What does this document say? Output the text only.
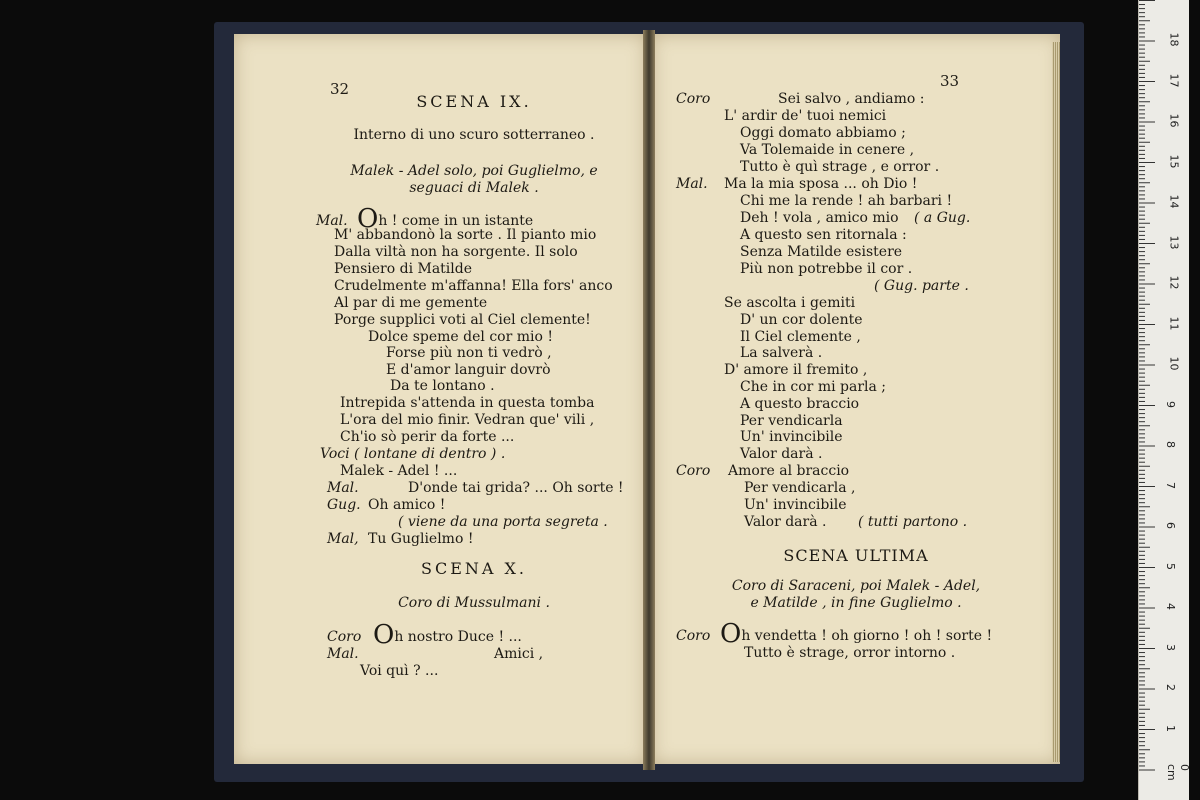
32
SCENA IX.
Interno di uno scuro sotterraneo .
Malek - Adel solo, poi Guglielmo, e
seguaci di Malek .
Mal. Oh ! come in un istante
M' abbandonò la sorte . Il pianto mio
Dalla viltà non ha sorgente. Il solo
Pensiero di Matilde
Crudelmente m'affanna! Ella fors' anco
Al par di me gemente
Porge supplici voti al Ciel clemente!
Dolce speme del cor mio !
Forse più non ti vedrò ,
E d'amor languir dovrò
Da te lontano .
Intrepida s'attenda in questa tomba
L'ora del mio finir. Vedran que' vili ,
Ch'io sò perir da forte ...
Voci ( lontane di dentro ) .
Malek - Adel ! ...
Mal.	D'onde tai grida? ... Oh sorte !
Gug. Oh amico !
( viene da una porta segreta .
Mal, Tu Guglielmo !
SCENA X.
Coro di Mussulmani .
Coro Oh nostro Duce ! ...
Mal.	Amici ,
Voi quì ? ...
33
Coro	Sei salvo , andiamo :
L' ardir de' tuoi nemici
Oggi domato abbiamo ;
Va Tolemaide in cenere ,
Tutto è quì strage , e orror .
Mal. Ma la mia sposa ... oh Dio !
Chi me la rende ! ah barbari !
Deh ! vola , amico mio ( a Gug.
A questo sen ritornala :
Senza Matilde esistere
Più non potrebbe il cor .
( Gug. parte .
Se ascolta i gemiti
D' un cor dolente
Il Ciel clemente ,
La salverà .
D' amore il fremito ,
Che in cor mi parla ;
A questo braccio
Per vendicarla
Un' invincibile
Valor darà .
Coro Amore al braccio
Per vendicarla ,
Un' invincibile
Valor darà . ( tutti partono .
SCENA ULTIMA
Coro di Saraceni, poi Malek - Adel,
e Matilde , in fine Guglielmo .
Coro Oh vendetta ! oh giorno ! oh ! sorte !
Tutto è strage, orror intorno .
0 cm
1
2
3
4
5
6
7
8
9
10
11
12
13
14
15
16
17
18
